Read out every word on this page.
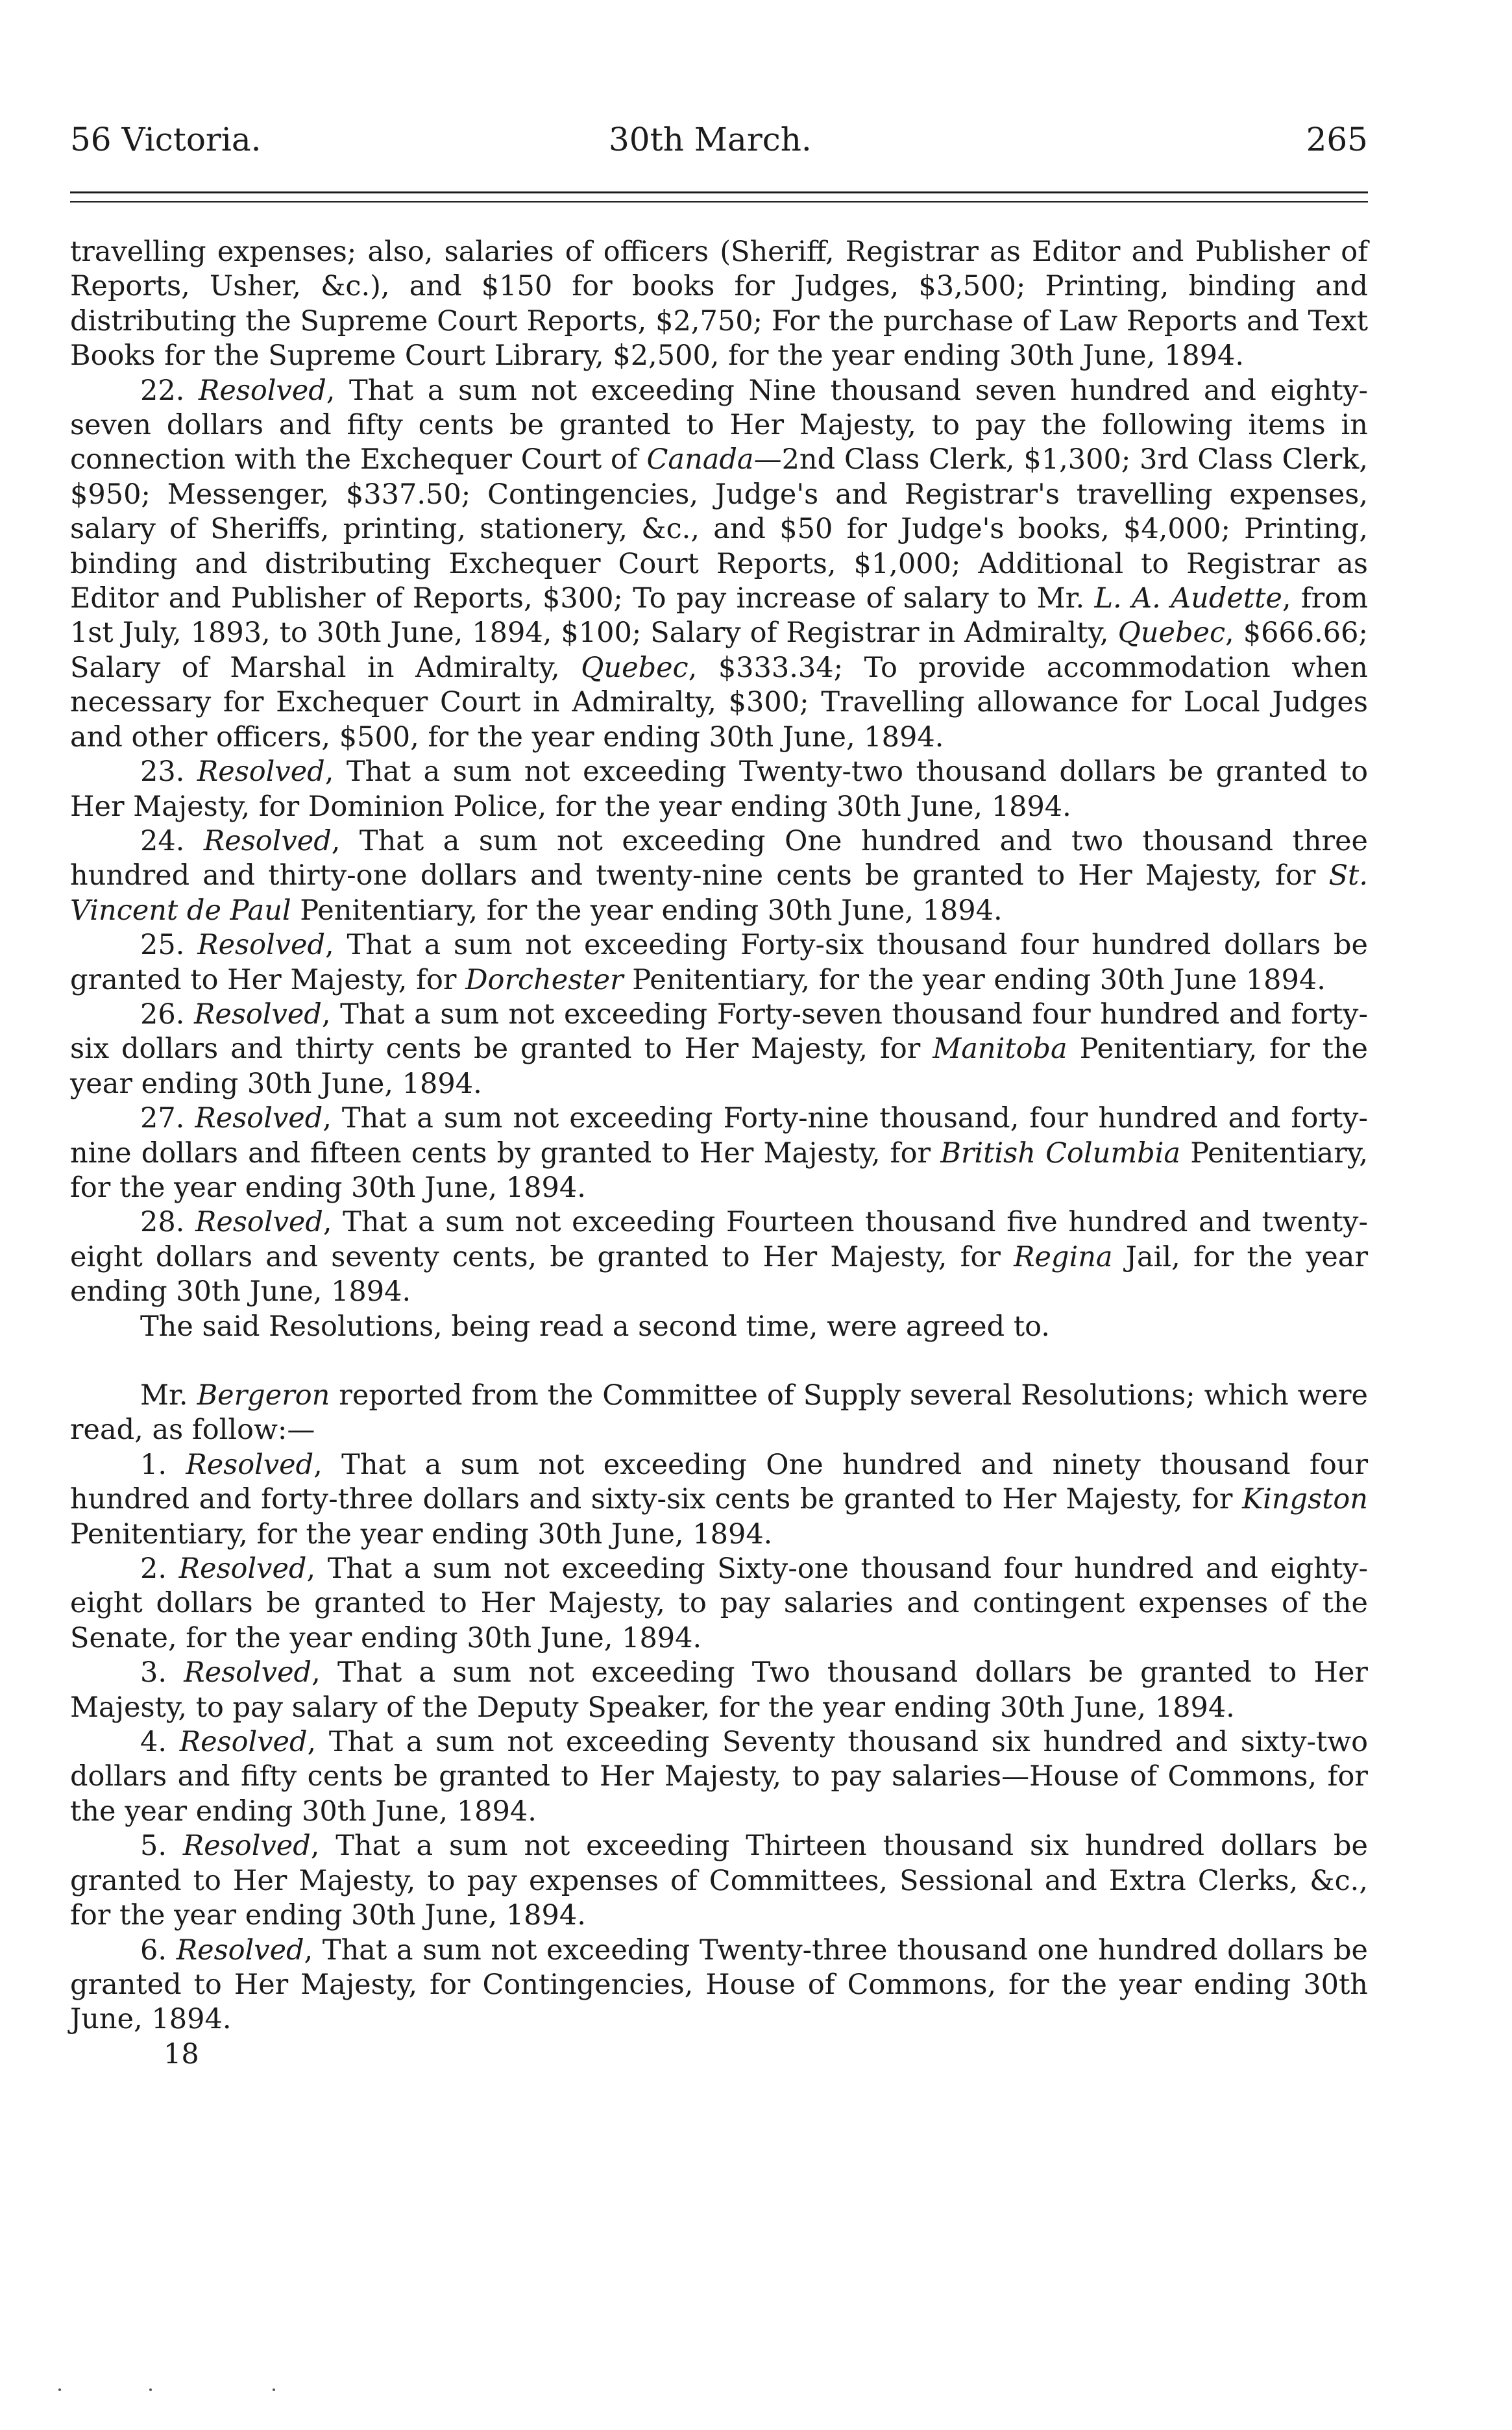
56 Victoria.	30th March.	265

travelling expenses; also, salaries of officers (Sheriff, Registrar as Editor and Publisher of Reports, Usher, &c.), and $150 for books for Judges, $3,500; Printing, binding and distributing the Supreme Court Reports, $2,750; For the purchase of Law Reports and Text Books for the Supreme Court Library, $2,500, for the year ending 30th June, 1894.

22. Resolved, That a sum not exceeding Nine thousand seven hundred and eighty-seven dollars and fifty cents be granted to Her Majesty, to pay the following items in connection with the Exchequer Court of Canada—2nd Class Clerk, $1,300; 3rd Class Clerk, $950; Messenger, $337.50; Contingencies, Judge's and Registrar's travelling expenses, salary of Sheriffs, printing, stationery, &c., and $50 for Judge's books, $4,000; Printing, binding and distributing Exchequer Court Reports, $1,000; Additional to Registrar as Editor and Publisher of Reports, $300; To pay increase of salary to Mr. L. A. Audette, from 1st July, 1893, to 30th June, 1894, $100; Salary of Registrar in Admiralty, Quebec, $666.66; Salary of Marshal in Admiralty, Quebec, $333.34; To provide accommodation when necessary for Exchequer Court in Admiralty, $300; Travelling allowance for Local Judges and other officers, $500, for the year ending 30th June, 1894.

23. Resolved, That a sum not exceeding Twenty-two thousand dollars be granted to Her Majesty, for Dominion Police, for the year ending 30th June, 1894.

24. Resolved, That a sum not exceeding One hundred and two thousand three hundred and thirty-one dollars and twenty-nine cents be granted to Her Majesty, for St. Vincent de Paul Penitentiary, for the year ending 30th June, 1894.

25. Resolved, That a sum not exceeding Forty-six thousand four hundred dollars be granted to Her Majesty, for Dorchester Penitentiary, for the year ending 30th June 1894.

26. Resolved, That a sum not exceeding Forty-seven thousand four hundred and forty-six dollars and thirty cents be granted to Her Majesty, for Manitoba Penitentiary, for the year ending 30th June, 1894.

27. Resolved, That a sum not exceeding Forty-nine thousand, four hundred and forty-nine dollars and fifteen cents by granted to Her Majesty, for British Columbia Penitentiary, for the year ending 30th June, 1894.

28. Resolved, That a sum not exceeding Fourteen thousand five hundred and twenty-eight dollars and seventy cents, be granted to Her Majesty, for Regina Jail, for the year ending 30th June, 1894.

The said Resolutions, being read a second time, were agreed to.

Mr. Bergeron reported from the Committee of Supply several Resolutions; which were read, as follow:—

1. Resolved, That a sum not exceeding One hundred and ninety thousand four hundred and forty-three dollars and sixty-six cents be granted to Her Majesty, for Kingston Penitentiary, for the year ending 30th June, 1894.

2. Resolved, That a sum not exceeding Sixty-one thousand four hundred and eighty-eight dollars be granted to Her Majesty, to pay salaries and contingent expenses of the Senate, for the year ending 30th June, 1894.

3. Resolved, That a sum not exceeding Two thousand dollars be granted to Her Majesty, to pay salary of the Deputy Speaker, for the year ending 30th June, 1894.

4. Resolved, That a sum not exceeding Seventy thousand six hundred and sixty-two dollars and fifty cents be granted to Her Majesty, to pay salaries—House of Commons, for the year ending 30th June, 1894.

5. Resolved, That a sum not exceeding Thirteen thousand six hundred dollars be granted to Her Majesty, to pay expenses of Committees, Sessional and Extra Clerks, &c., for the year ending 30th June, 1894.

6. Resolved, That a sum not exceeding Twenty-three thousand one hundred dollars be granted to Her Majesty, for Contingencies, House of Commons, for the year ending 30th June, 1894.

18
